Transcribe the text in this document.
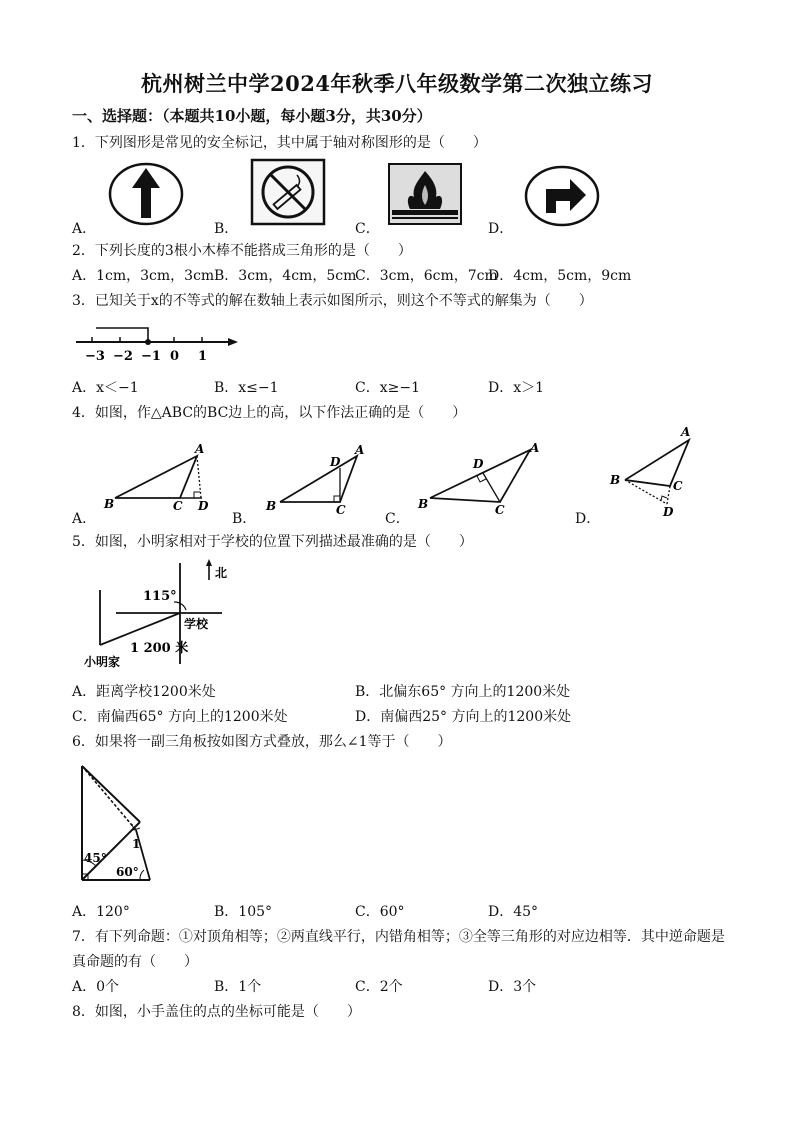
杭州树兰中学2024年秋季八年级数学第二次独立练习
一、选择题：（本题共10小题，每小题3分，共30分）
1．下列图形是常见的安全标记，其中属于轴对称图形的是（　　）
A．	B．	C．	D．
2．下列长度的3根小木棒不能搭成三角形的是（　　）
A．1cm，3cm，3cm B．3cm，4cm，5cm
C．3cm，6cm，7cm
D．4cm，5cm，9cm
3．已知关于x的不等式的解在数轴上表示如图所示，则这个不等式的解集为（　　）
−3 −2 −1 0 1
A．x＜−1	B．x≤−1	C．x≥−1	D．x＞1
4．如图，作△ABC的BC边上的高，以下作法正确的是（　　）
A．
A
B	C D
B．
A
D
B	C
C．
A
D
B	C
D．
A
B	C
D
5．如图，小明家相对于学校的位置下列描述最准确的是（　　）
115°
北
学校
1 200 米
小明家
A．距离学校1200米处	B．北偏东65° 方向上的1200米处
C．南偏西65° 方向上的1200米处	D．南偏西25° 方向上的1200米处
6．如果将一副三角板按如图方式叠放，那么∠1等于（　　）
45°
60°
1
A．120°	B．105°	C．60°	D．45°
7．有下列命题：①对顶角相等；②两直线平行，内错角相等；③全等三角形的对应边相等．其中逆命题是
真命题的有（　　）
A．0个	B．1个	C．2个	D．3个
8．如图，小手盖住的点的坐标可能是（　　）
